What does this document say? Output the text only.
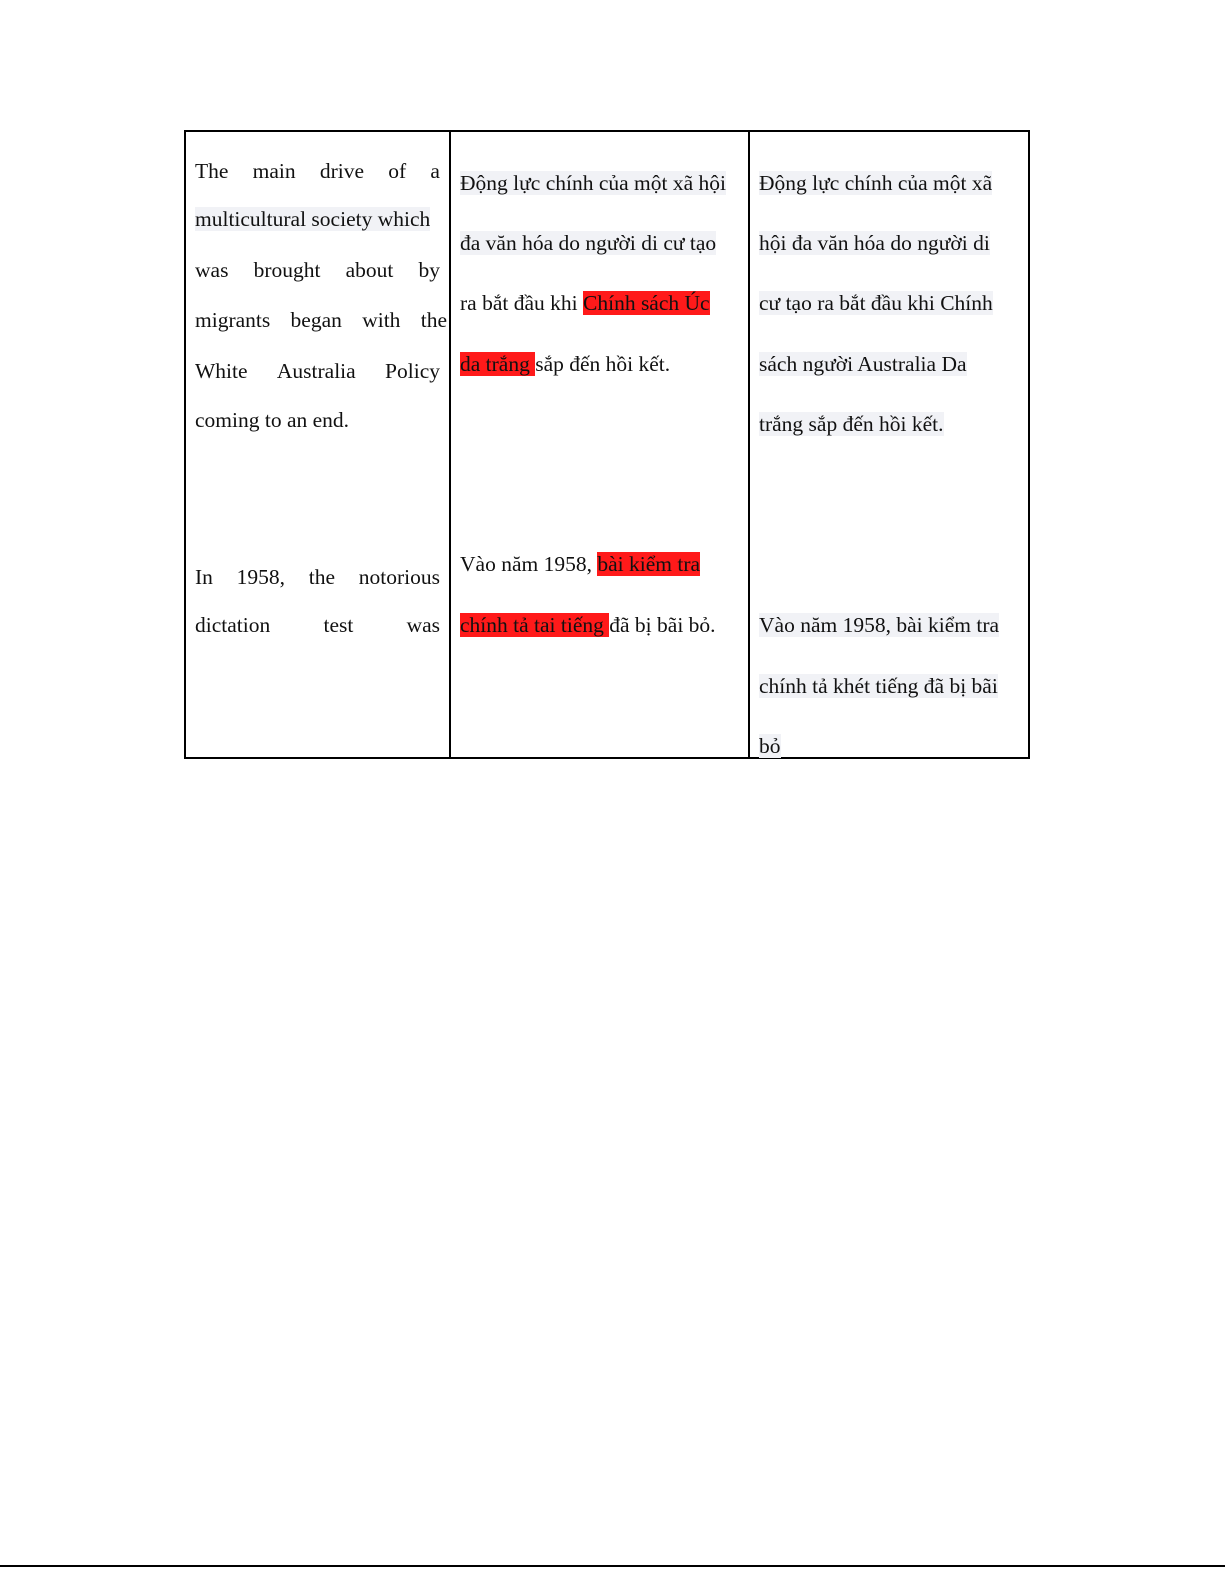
The main drive of a
multicultural society which
was brought about by
migrants began with the
White Australia Policy
coming to an end.
In 1958, the notorious
dictation test was
Động lực chính của một xã hội
đa văn hóa do người di cư tạo
ra bắt đầu khi Chính sách Úc
da trắng sắp đến hồi kết.
Vào năm 1958, bài kiểm tra
chính tả tai tiếng đã bị bãi bỏ.
Động lực chính của một xã
hội đa văn hóa do người di
cư tạo ra bắt đầu khi Chính
sách người Australia Da
trắng sắp đến hồi kết.
Vào năm 1958, bài kiểm tra
chính tả khét tiếng đã bị bãi
bỏ
